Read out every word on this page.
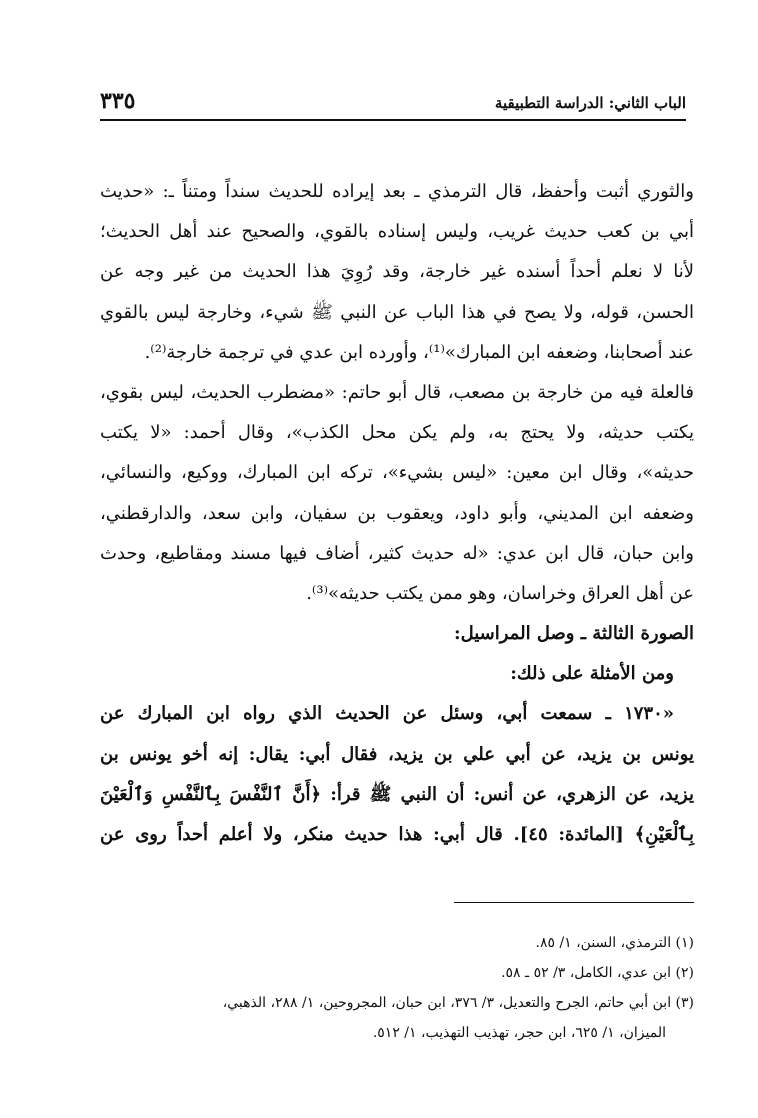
الباب الثاني: الدراسة التطبيقية
٣٣٥
والثوري أثبت وأحفظ، قال الترمذي ـ بعد إيراده للحديث سنداً ومتناً ـ: «حديث
أبي بن كعب حديث غريب، وليس إسناده بالقوي، والصحيح عند أهل الحديث؛
لأنا لا نعلم أحداً أسنده غير خارجة، وقد رُوِيَ هذا الحديث من غير وجه عن
الحسن، قوله، ولا يصح في هذا الباب عن النبي ﷺ شيء، وخارجة ليس بالقوي
عند أصحابنا، وضعفه ابن المبارك»⁽¹⁾، وأورده ابن عدي في ترجمة خارجة⁽²⁾.
فالعلة فيه من خارجة بن مصعب، قال أبو حاتم: «مضطرب الحديث، ليس بقوي،
يكتب حديثه، ولا يحتج به، ولم يكن محل الكذب»، وقال أحمد: «لا يكتب
حديثه»، وقال ابن معين: «ليس بشيء»، تركه ابن المبارك، ووكيع، والنسائي،
وضعفه ابن المديني، وأبو داود، ويعقوب بن سفيان، وابن سعد، والدارقطني،
وابن حبان، قال ابن عدي: «له حديث كثير، أضاف فيها مسند ومقاطيع، وحدث
عن أهل العراق وخراسان، وهو ممن يكتب حديثه»⁽³⁾.
الصورة الثالثة ـ وصل المراسيل:
ومن الأمثلة على ذلك:
«١٧٣٠ ـ سمعت أبي، وسئل عن الحديث الذي رواه ابن المبارك عن
يونس بن يزيد، عن أبي علي بن يزيد، فقال أبي: يقال: إنه أخو يونس بن
يزيد، عن الزهري، عن أنس: أن النبي ﷺ قرأ: ﴿أَنَّ ٱلنَّفْسَ بِٱلنَّفْسِ وَٱلْعَيْنَ
بِٱلْعَيْنِ﴾ [المائدة: ٤٥]. قال أبي: هذا حديث منكر، ولا أعلم أحداً روى عن
(١) الترمذي، السنن، ١/ ٨٥.
(٢) ابن عدي، الكامل، ٣/ ٥٢ ـ ٥٨.
(٣) ابن أبي حاتم، الجرح والتعديل، ٣/ ٣٧٦، ابن حبان، المجروحين، ١/ ٢٨٨، الذهبي،
الميزان، ١/ ٦٢٥، ابن حجر، تهذيب التهذيب، ١/ ٥١٢.
